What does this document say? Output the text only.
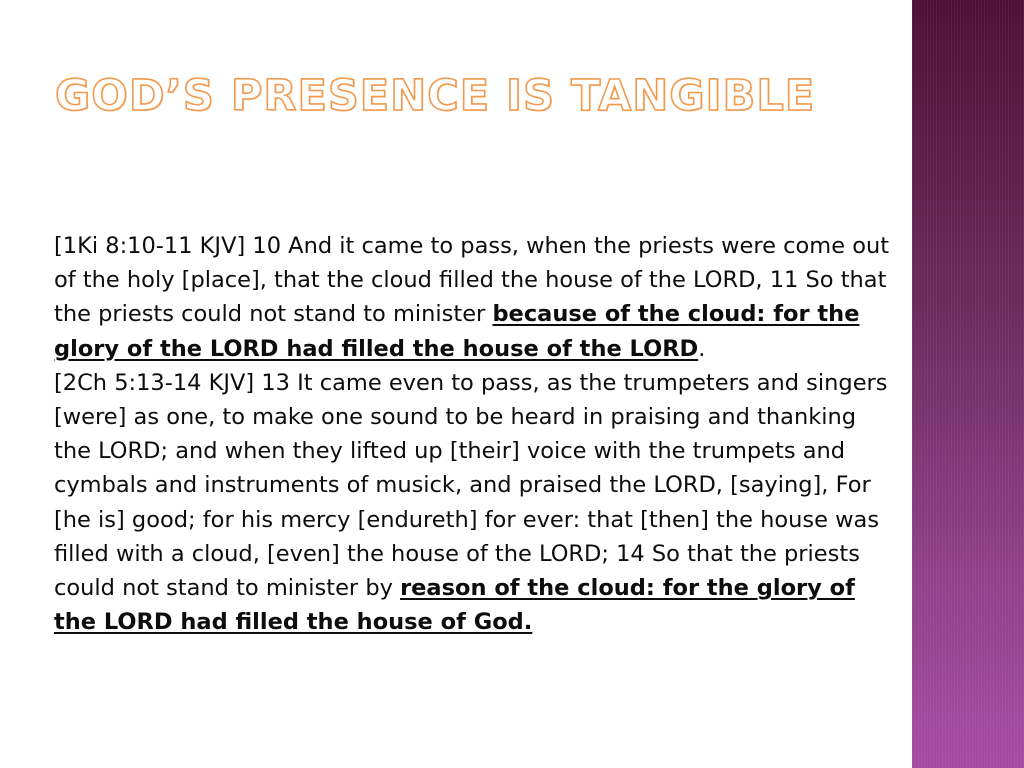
GOD’S PRESENCE IS TANGIBLE

[1Ki 8:10-11 KJV] 10 And it came to pass, when the priests were come out of the holy [place], that the cloud filled the house of the LORD, 11 So that the priests could not stand to minister because of the cloud: for the glory of the LORD had filled the house of the LORD.

[2Ch 5:13-14 KJV] 13 It came even to pass, as the trumpeters and singers [were] as one, to make one sound to be heard in praising and thanking the LORD; and when they lifted up [their] voice with the trumpets and cymbals and instruments of musick, and praised the LORD, [saying], For [he is] good; for his mercy [endureth] for ever: that [then] the house was filled with a cloud, [even] the house of the LORD; 14 So that the priests could not stand to minister by reason of the cloud: for the glory of the LORD had filled the house of God.
